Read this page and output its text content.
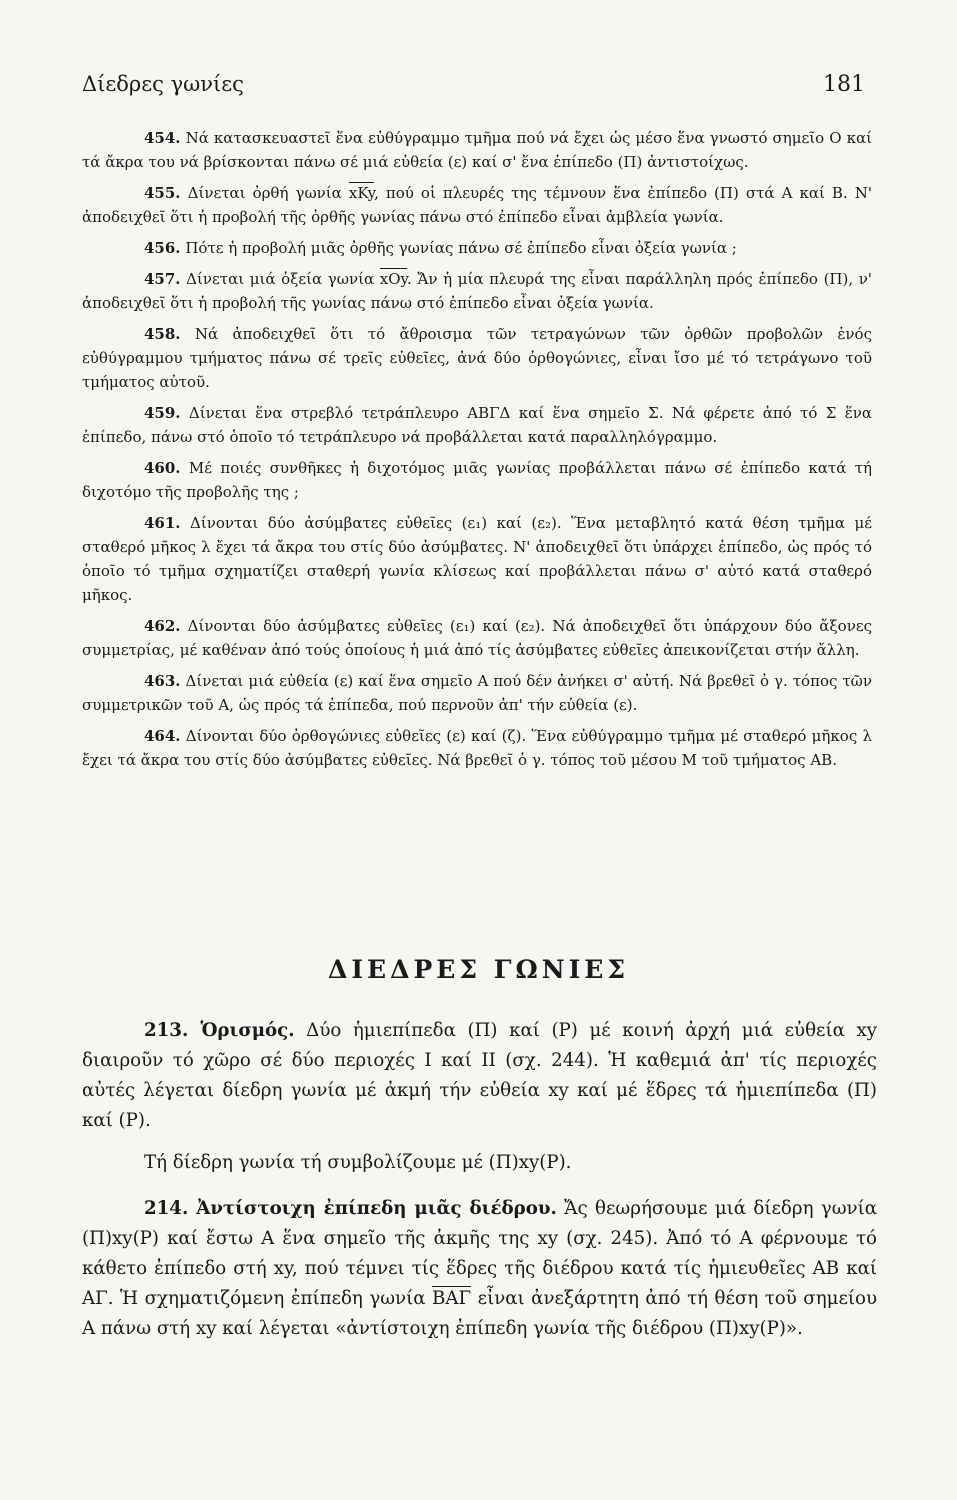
Δίεδρες γωνίες	181

454. Νά κατασκευαστεῖ ἕνα εὐθύγραμμο τμῆμα πού νά ἔχει ὡς μέσο ἕνα γνωστό σημεῖο Ο καί τά ἄκρα του νά βρίσκονται πάνω σέ μιά εὐθεία (ε) καί σ' ἕνα ἐπίπεδο (Π) ἀντιστοίχως.

455. Δίνεται ὀρθή γωνία xKy, πού οἱ πλευρές της τέμνουν ἕνα ἐπίπεδο (Π) στά Α καί Β. Ν' ἀποδειχθεῖ ὅτι ἡ προβολή τῆς ὀρθῆς γωνίας πάνω στό ἐπίπεδο εἶναι ἀμβλεία γωνία.

456. Πότε ἡ προβολή μιᾶς ὀρθῆς γωνίας πάνω σέ ἐπίπεδο εἶναι ὀξεία γωνία ;

457. Δίνεται μιά ὀξεία γωνία xOy. Ἄν ἡ μία πλευρά της εἶναι παράλληλη πρός ἐπίπεδο (Π), ν' ἀποδειχθεῖ ὅτι ἡ προβολή τῆς γωνίας πάνω στό ἐπίπεδο εἶναι ὀξεία γωνία.

458. Νά ἀποδειχθεῖ ὅτι τό ἄθροισμα τῶν τετραγώνων τῶν ὀρθῶν προβολῶν ἑνός εὐθύγραμμου τμήματος πάνω σέ τρεῖς εὐθεῖες, ἀνά δύο ὀρθογώνιες, εἶναι ἴσο μέ τό τετράγωνο τοῦ τμήματος αὐτοῦ.

459. Δίνεται ἕνα στρεβλό τετράπλευρο ΑΒΓΔ καί ἕνα σημεῖο Σ. Νά φέρετε ἀπό τό Σ ἕνα ἐπίπεδο, πάνω στό ὁποῖο τό τετράπλευρο νά προβάλλεται κατά παραλληλόγραμμο.

460. Μέ ποιές συνθῆκες ἡ διχοτόμος μιᾶς γωνίας προβάλλεται πάνω σέ ἐπίπεδο κατά τή διχοτόμο τῆς προβολῆς της ;

461. Δίνονται δύο ἀσύμβατες εὐθεῖες (ε₁) καί (ε₂). Ἕνα μεταβλητό κατά θέση τμῆμα μέ σταθερό μῆκος λ ἔχει τά ἄκρα του στίς δύο ἀσύμβατες. Ν' ἀποδειχθεῖ ὅτι ὑπάρχει ἐπίπεδο, ὡς πρός τό ὁποῖο τό τμῆμα σχηματίζει σταθερή γωνία κλίσεως καί προβάλλεται πάνω σ' αὐτό κατά σταθερό μῆκος.

462. Δίνονται δύο ἀσύμβατες εὐθεῖες (ε₁) καί (ε₂). Νά ἀποδειχθεῖ ὅτι ὑπάρχουν δύο ἄξονες συμμετρίας, μέ καθέναν ἀπό τούς ὁποίους ἡ μιά ἀπό τίς ἀσύμβατες εὐθεῖες ἀπεικονίζεται στήν ἄλλη.

463. Δίνεται μιά εὐθεία (ε) καί ἕνα σημεῖο Α πού δέν ἀνήκει σ' αὐτή. Νά βρεθεῖ ὁ γ. τόπος τῶν συμμετρικῶν τοῦ Α, ὡς πρός τά ἐπίπεδα, πού περνοῦν ἀπ' τήν εὐθεία (ε).

464. Δίνονται δύο ὀρθογώνιες εὐθεῖες (ε) καί (ζ). Ἕνα εὐθύγραμμο τμῆμα μέ σταθερό μῆκος λ ἔχει τά ἄκρα του στίς δύο ἀσύμβατες εὐθεῖες. Νά βρεθεῖ ὁ γ. τόπος τοῦ μέσου Μ τοῦ τμήματος ΑΒ.

ΔΙΕΔΡΕΣ ΓΩΝΙΕΣ

213. Ὁρισμός. Δύο ἡμιεπίπεδα (Π) καί (Ρ) μέ κοινή ἀρχή μιά εὐθεία xy διαιροῦν τό χῶρο σέ δύο περιοχές Ι καί ΙΙ (σχ. 244). Ἡ καθεμιά ἀπ' τίς περιοχές αὐτές λέγεται δίεδρη γωνία μέ ἀκμή τήν εὐθεία xy καί μέ ἕδρες τά ἡμιεπίπεδα (Π) καί (Ρ).

Τή δίεδρη γωνία τή συμβολίζουμε μέ (Π)xy(Ρ).

214. Ἀντίστοιχη ἐπίπεδη μιᾶς διέδρου. Ἄς θεωρήσουμε μιά δίεδρη γωνία (Π)xy(Ρ) καί ἔστω Α ἕνα σημεῖο τῆς ἀκμῆς της xy (σχ. 245). Ἀπό τό Α φέρνουμε τό κάθετο ἐπίπεδο στή xy, πού τέμνει τίς ἕδρες τῆς διέδρου κατά τίς ἡμιευθεῖες ΑΒ καί ΑΓ. Ἡ σχηματιζόμενη ἐπίπεδη γωνία ΒΑΓ εἶναι ἀνεξάρτητη ἀπό τή θέση τοῦ σημείου Α πάνω στή xy καί λέγεται «ἀντίστοιχη ἐπίπεδη γωνία τῆς διέδρου (Π)xy(Ρ)».
